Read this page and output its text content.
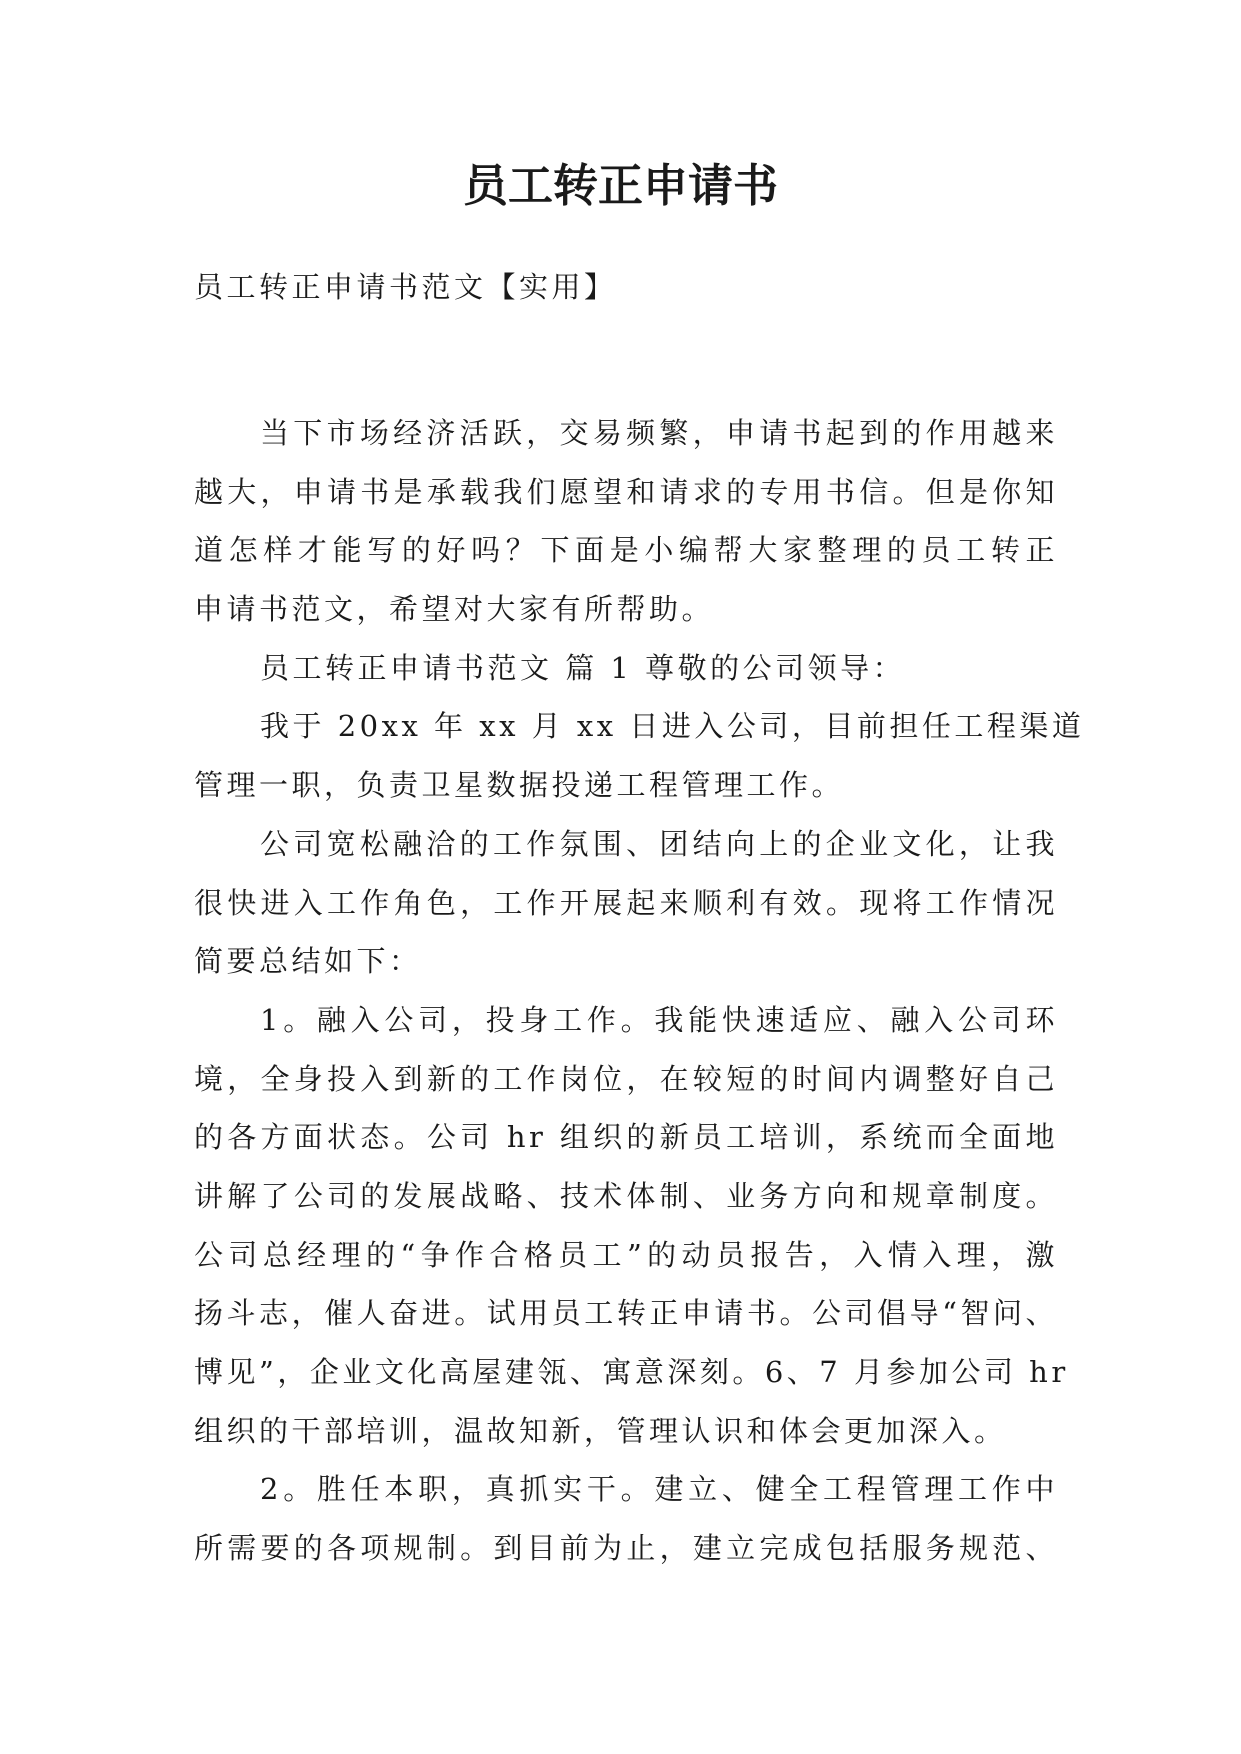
员工转正申请书
员工转正申请书范文【实用】
当下市场经济活跃，交易频繁，申请书起到的作用越来
越大，申请书是承载我们愿望和请求的专用书信。但是你知
道怎样才能写的好吗？下面是小编帮大家整理的员工转正
申请书范文，希望对大家有所帮助。
员工转正申请书范文 篇 1 尊敬的公司领导：
我于 20xx 年 xx 月 xx 日进入公司，目前担任工程渠道
管理一职，负责卫星数据投递工程管理工作。
公司宽松融洽的工作氛围、团结向上的企业文化，让我
很快进入工作角色，工作开展起来顺利有效。现将工作情况
简要总结如下：
1。融入公司，投身工作。我能快速适应、融入公司环
境，全身投入到新的工作岗位，在较短的时间内调整好自己
的各方面状态。公司 hr 组织的新员工培训，系统而全面地
讲解了公司的发展战略、技术体制、业务方向和规章制度。
公司总经理的“争作合格员工”的动员报告，入情入理，激
扬斗志，催人奋进。试用员工转正申请书。公司倡导“智问、
博见”，企业文化高屋建瓴、寓意深刻。6、7 月参加公司 hr
组织的干部培训，温故知新，管理认识和体会更加深入。
2。胜任本职，真抓实干。建立、健全工程管理工作中
所需要的各项规制。到目前为止，建立完成包括服务规范、
